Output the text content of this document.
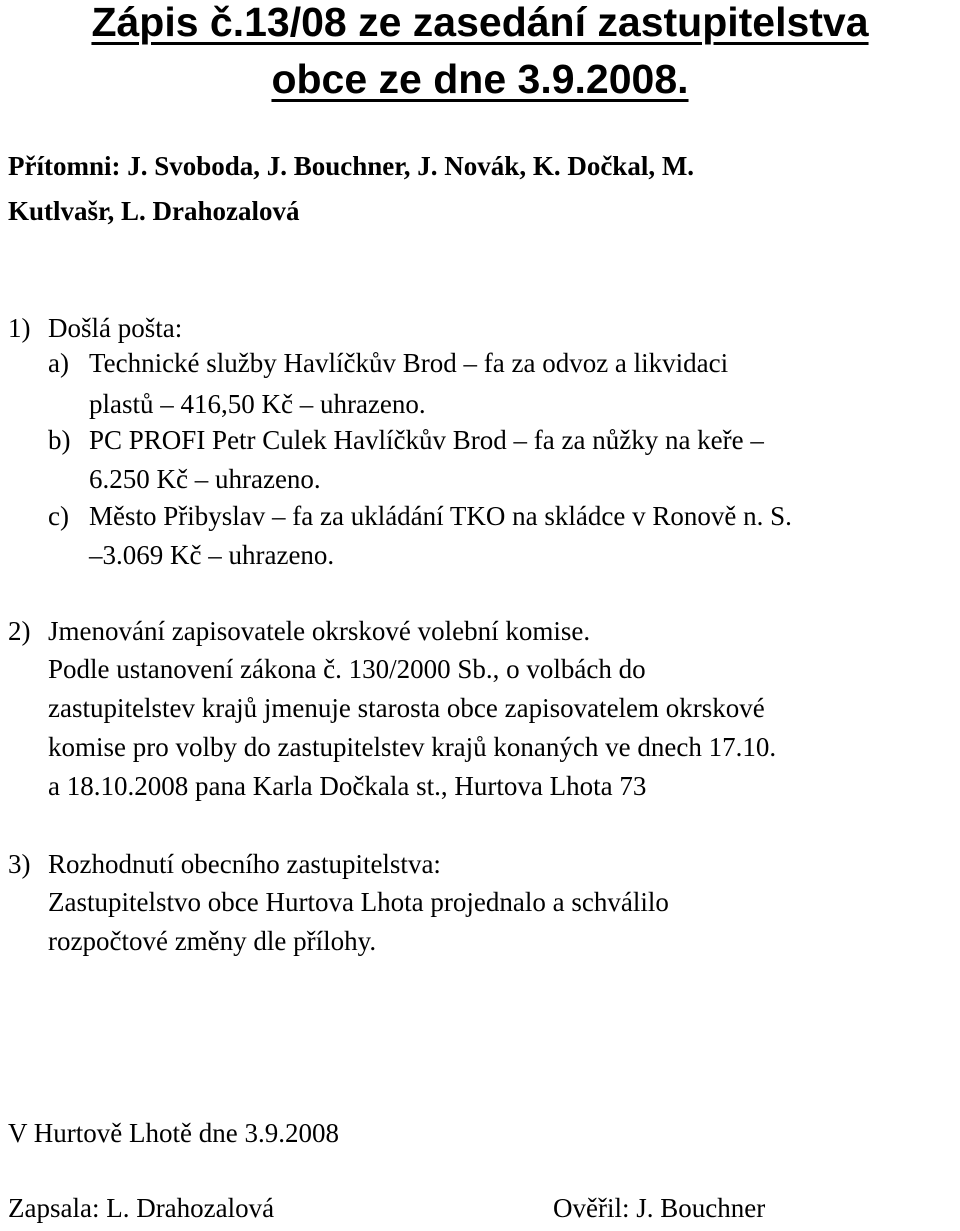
Zápis č.13/08 ze zasedání zastupitelstva
obce ze dne 3.9.2008.
Přítomni: J. Svoboda, J. Bouchner, J. Novák, K. Dočkal, M.
Kutlvašr, L. Drahozalová
1) Došlá pošta:
a) Technické služby Havlíčkův Brod – fa za odvoz a likvidaci
plastů – 416,50 Kč – uhrazeno.
b) PC PROFI Petr Culek Havlíčkův Brod – fa za nůžky na keře –
6.250 Kč – uhrazeno.
c) Město Přibyslav – fa za ukládání TKO na skládce v Ronově n. S.
–3.069 Kč – uhrazeno.
2) Jmenování zapisovatele okrskové volební komise.
Podle ustanovení zákona č. 130/2000 Sb., o volbách do
zastupitelstev krajů jmenuje starosta obce zapisovatelem okrskové
komise pro volby do zastupitelstev krajů konaných ve dnech 17.10.
a 18.10.2008 pana Karla Dočkala st., Hurtova Lhota 73
3) Rozhodnutí obecního zastupitelstva:
Zastupitelstvo obce Hurtova Lhota projednalo a schválilo
rozpočtové změny dle přílohy.
V Hurtově Lhotě dne 3.9.2008
Zapsala: L. Drahozalová	Ověřil: J. Bouchner
